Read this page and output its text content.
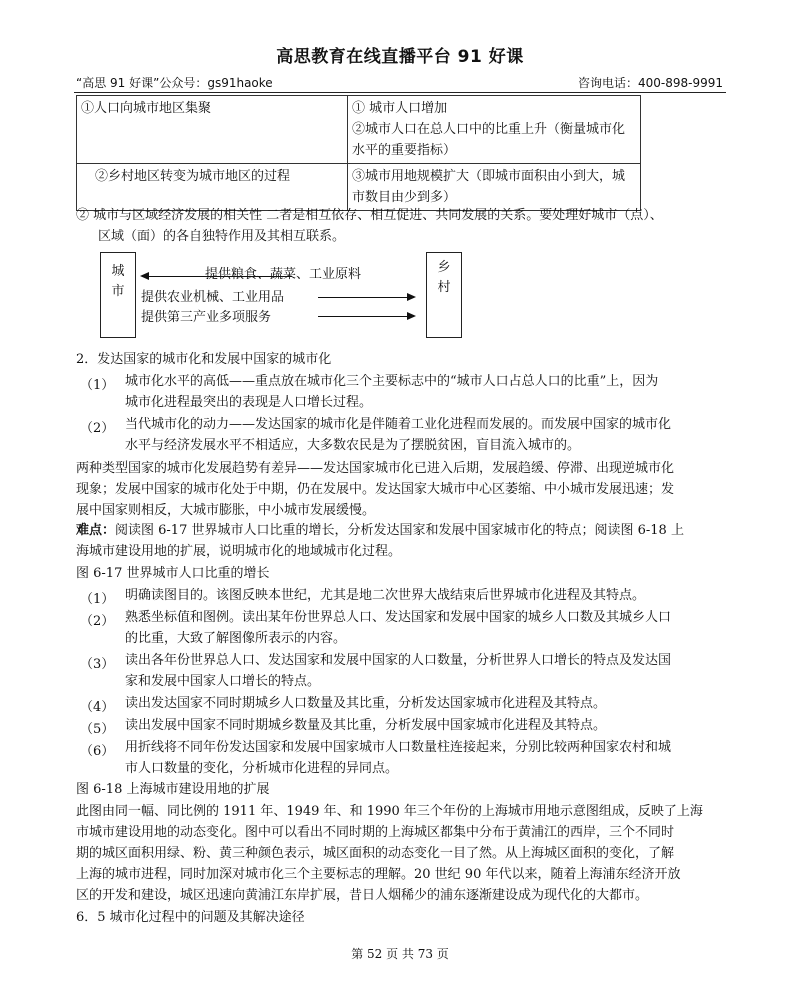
高思教育在线直播平台 91 好课
“高思 91 好课”公众号：gs91haoke	咨询电话：400-898-9991
①人口向城市地区集聚	① 城市人口增加
②城市人口在总人口中的比重上升（衡量城市化水平的重要指标）

②乡村地区转变为城市地区的过程	③城市用地规模扩大（即城市面积由小到大，城市数目由少到多）
② 城市与区域经济发展的相关性 二者是相互依存、相互促进、共同发展的关系。要处理好城市（点）、
区域（面）的各自独特作用及其相互联系。
城市
乡村
提供粮食、蔬菜、工业原料
提供农业机械、工业用品
提供第三产业多项服务
2．发达国家的城市化和发展中国家的城市化
（1） 城市化水平的高低——重点放在城市化三个主要标志中的“城市人口占总人口的比重”上，因为
城市化进程最突出的表现是人口增长过程。
（2） 当代城市化的动力——发达国家的城市化是伴随着工业化进程而发展的。而发展中国家的城市化
水平与经济发展水平不相适应，大多数农民是为了摆脱贫困，盲目流入城市的。
两种类型国家的城市化发展趋势有差异——发达国家城市化已进入后期，发展趋缓、停滞、出现逆城市化
现象；发展中国家的城市化处于中期，仍在发展中。发达国家大城市中心区萎缩、中小城市发展迅速；发
展中国家则相反，大城市膨胀，中小城市发展缓慢。
难点：阅读图 6-17 世界城市人口比重的增长，分析发达国家和发展中国家城市化的特点；阅读图 6-18 上
海城市建设用地的扩展，说明城市化的地域城市化过程。
图 6-17 世界城市人口比重的增长
（1） 明确读图目的。该图反映本世纪，尤其是地二次世界大战结束后世界城市化进程及其特点。
（2） 熟悉坐标值和图例。读出某年份世界总人口、发达国家和发展中国家的城乡人口数及其城乡人口
的比重，大致了解图像所表示的内容。
（3） 读出各年份世界总人口、发达国家和发展中国家的人口数量，分析世界人口增长的特点及发达国
家和发展中国家人口增长的特点。
（4） 读出发达国家不同时期城乡人口数量及其比重，分析发达国家城市化进程及其特点。
（5） 读出发展中国家不同时期城乡数量及其比重，分析发展中国家城市化进程及其特点。
（6） 用折线将不同年份发达国家和发展中国家城市人口数量柱连接起来，分别比较两种国家农村和城
市人口数量的变化，分析城市化进程的异同点。
图 6-18 上海城市建设用地的扩展
此图由同一幅、同比例的 1911 年、1949 年、和 1990 年三个年份的上海城市用地示意图组成，反映了上海
市城市建设用地的动态变化。图中可以看出不同时期的上海城区都集中分布于黄浦江的西岸，三个不同时
期的城区面积用绿、粉、黄三种颜色表示，城区面积的动态变化一目了然。从上海城区面积的变化，了解
上海的城市进程，同时加深对城市化三个主要标志的理解。20 世纪 90 年代以来，随着上海浦东经济开放
区的开发和建设，城区迅速向黄浦江东岸扩展，昔日人烟稀少的浦东逐渐建设成为现代化的大都市。
6．5 城市化过程中的问题及其解决途径
第 52 页 共 73 页
